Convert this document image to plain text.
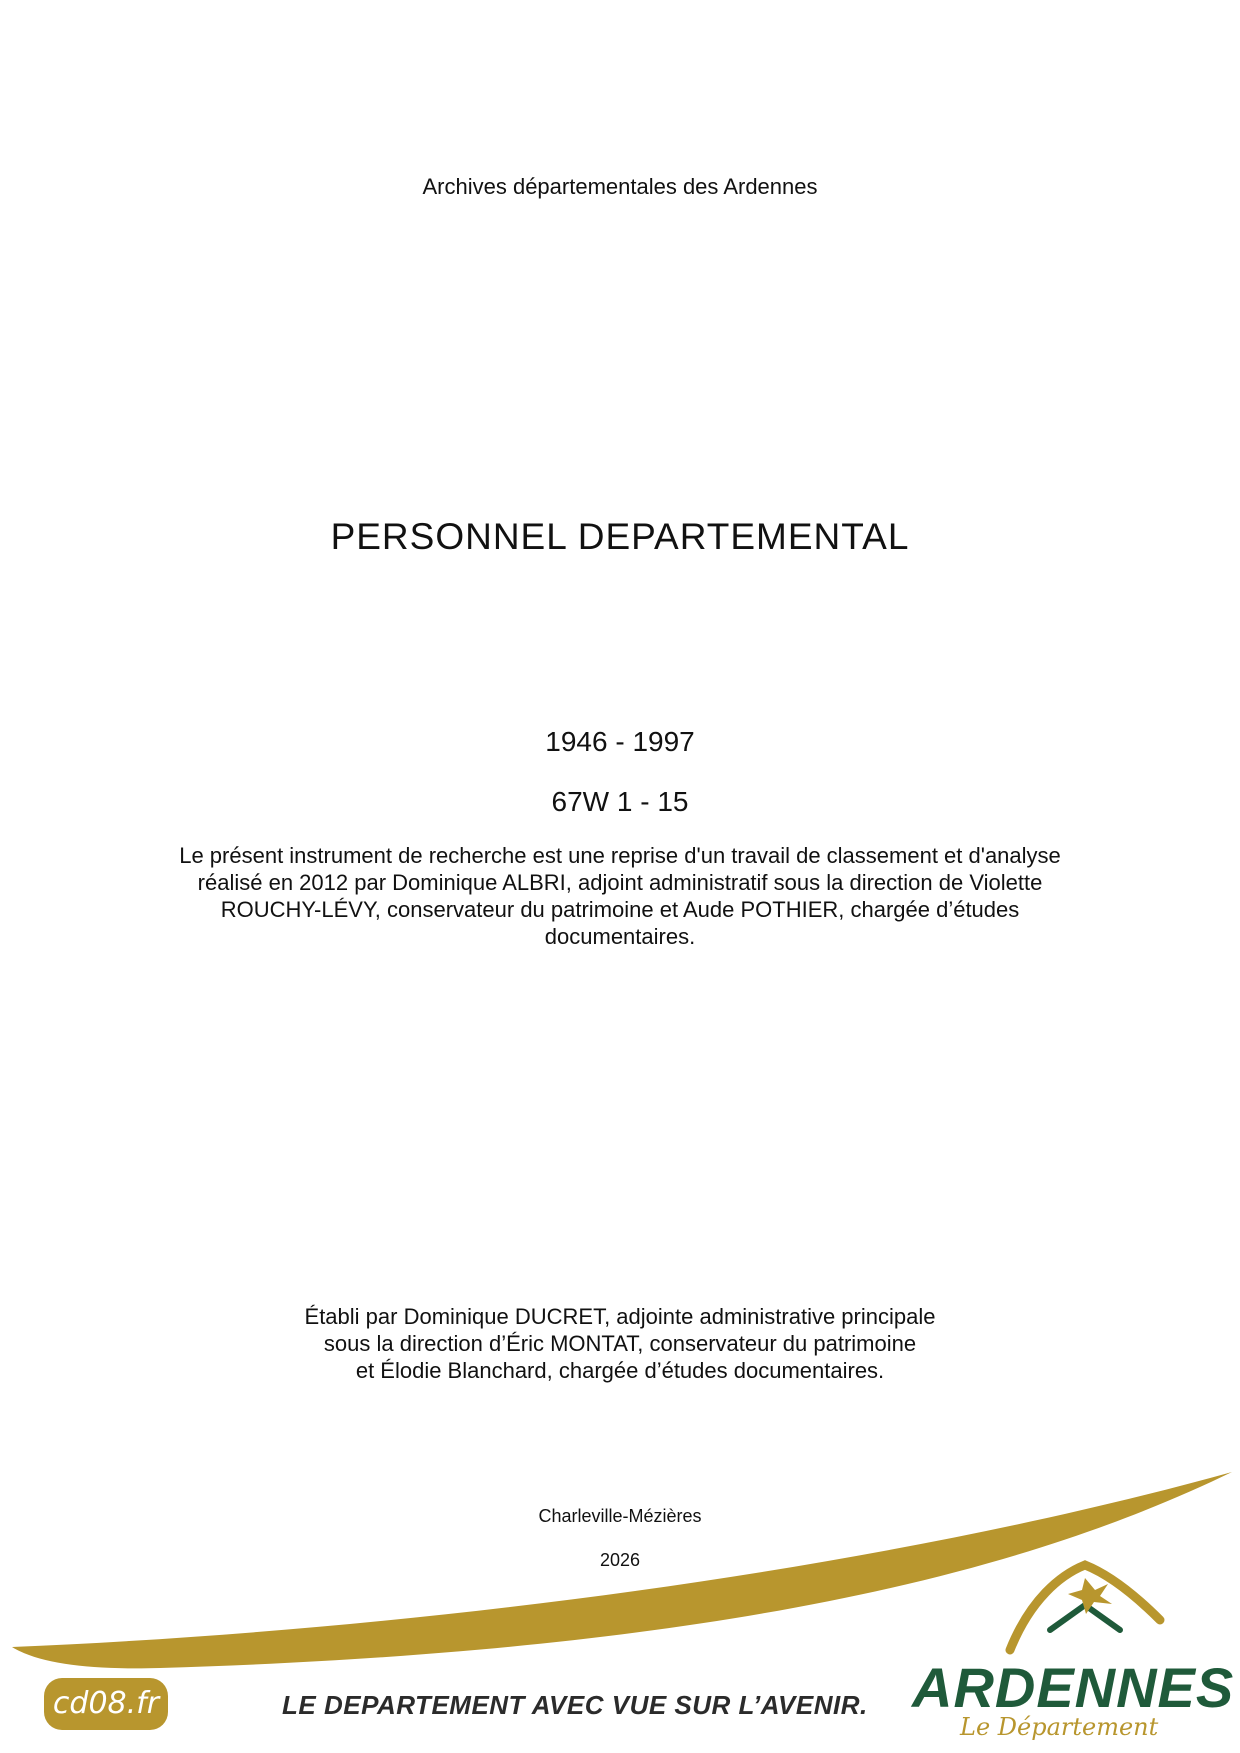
Archives départementales des Ardennes
PERSONNEL DEPARTEMENTAL
1946 - 1997
67W 1 - 15
Le présent instrument de recherche est une reprise d'un travail de classement et d'analyse réalisé en 2012 par Dominique ALBRI, adjoint administratif sous la direction de Violette ROUCHY-LÉVY, conservateur du patrimoine et Aude POTHIER, chargée d’études documentaires.
Établi par Dominique DUCRET, adjointe administrative principale
sous la direction d’Éric MONTAT, conservateur du patrimoine
et Élodie Blanchard, chargée d’études documentaires.
Charleville-Mézières
2026
cd08.fr	LE DEPARTEMENT AVEC VUE SUR L’AVENIR. ARDENNES
Le Département
